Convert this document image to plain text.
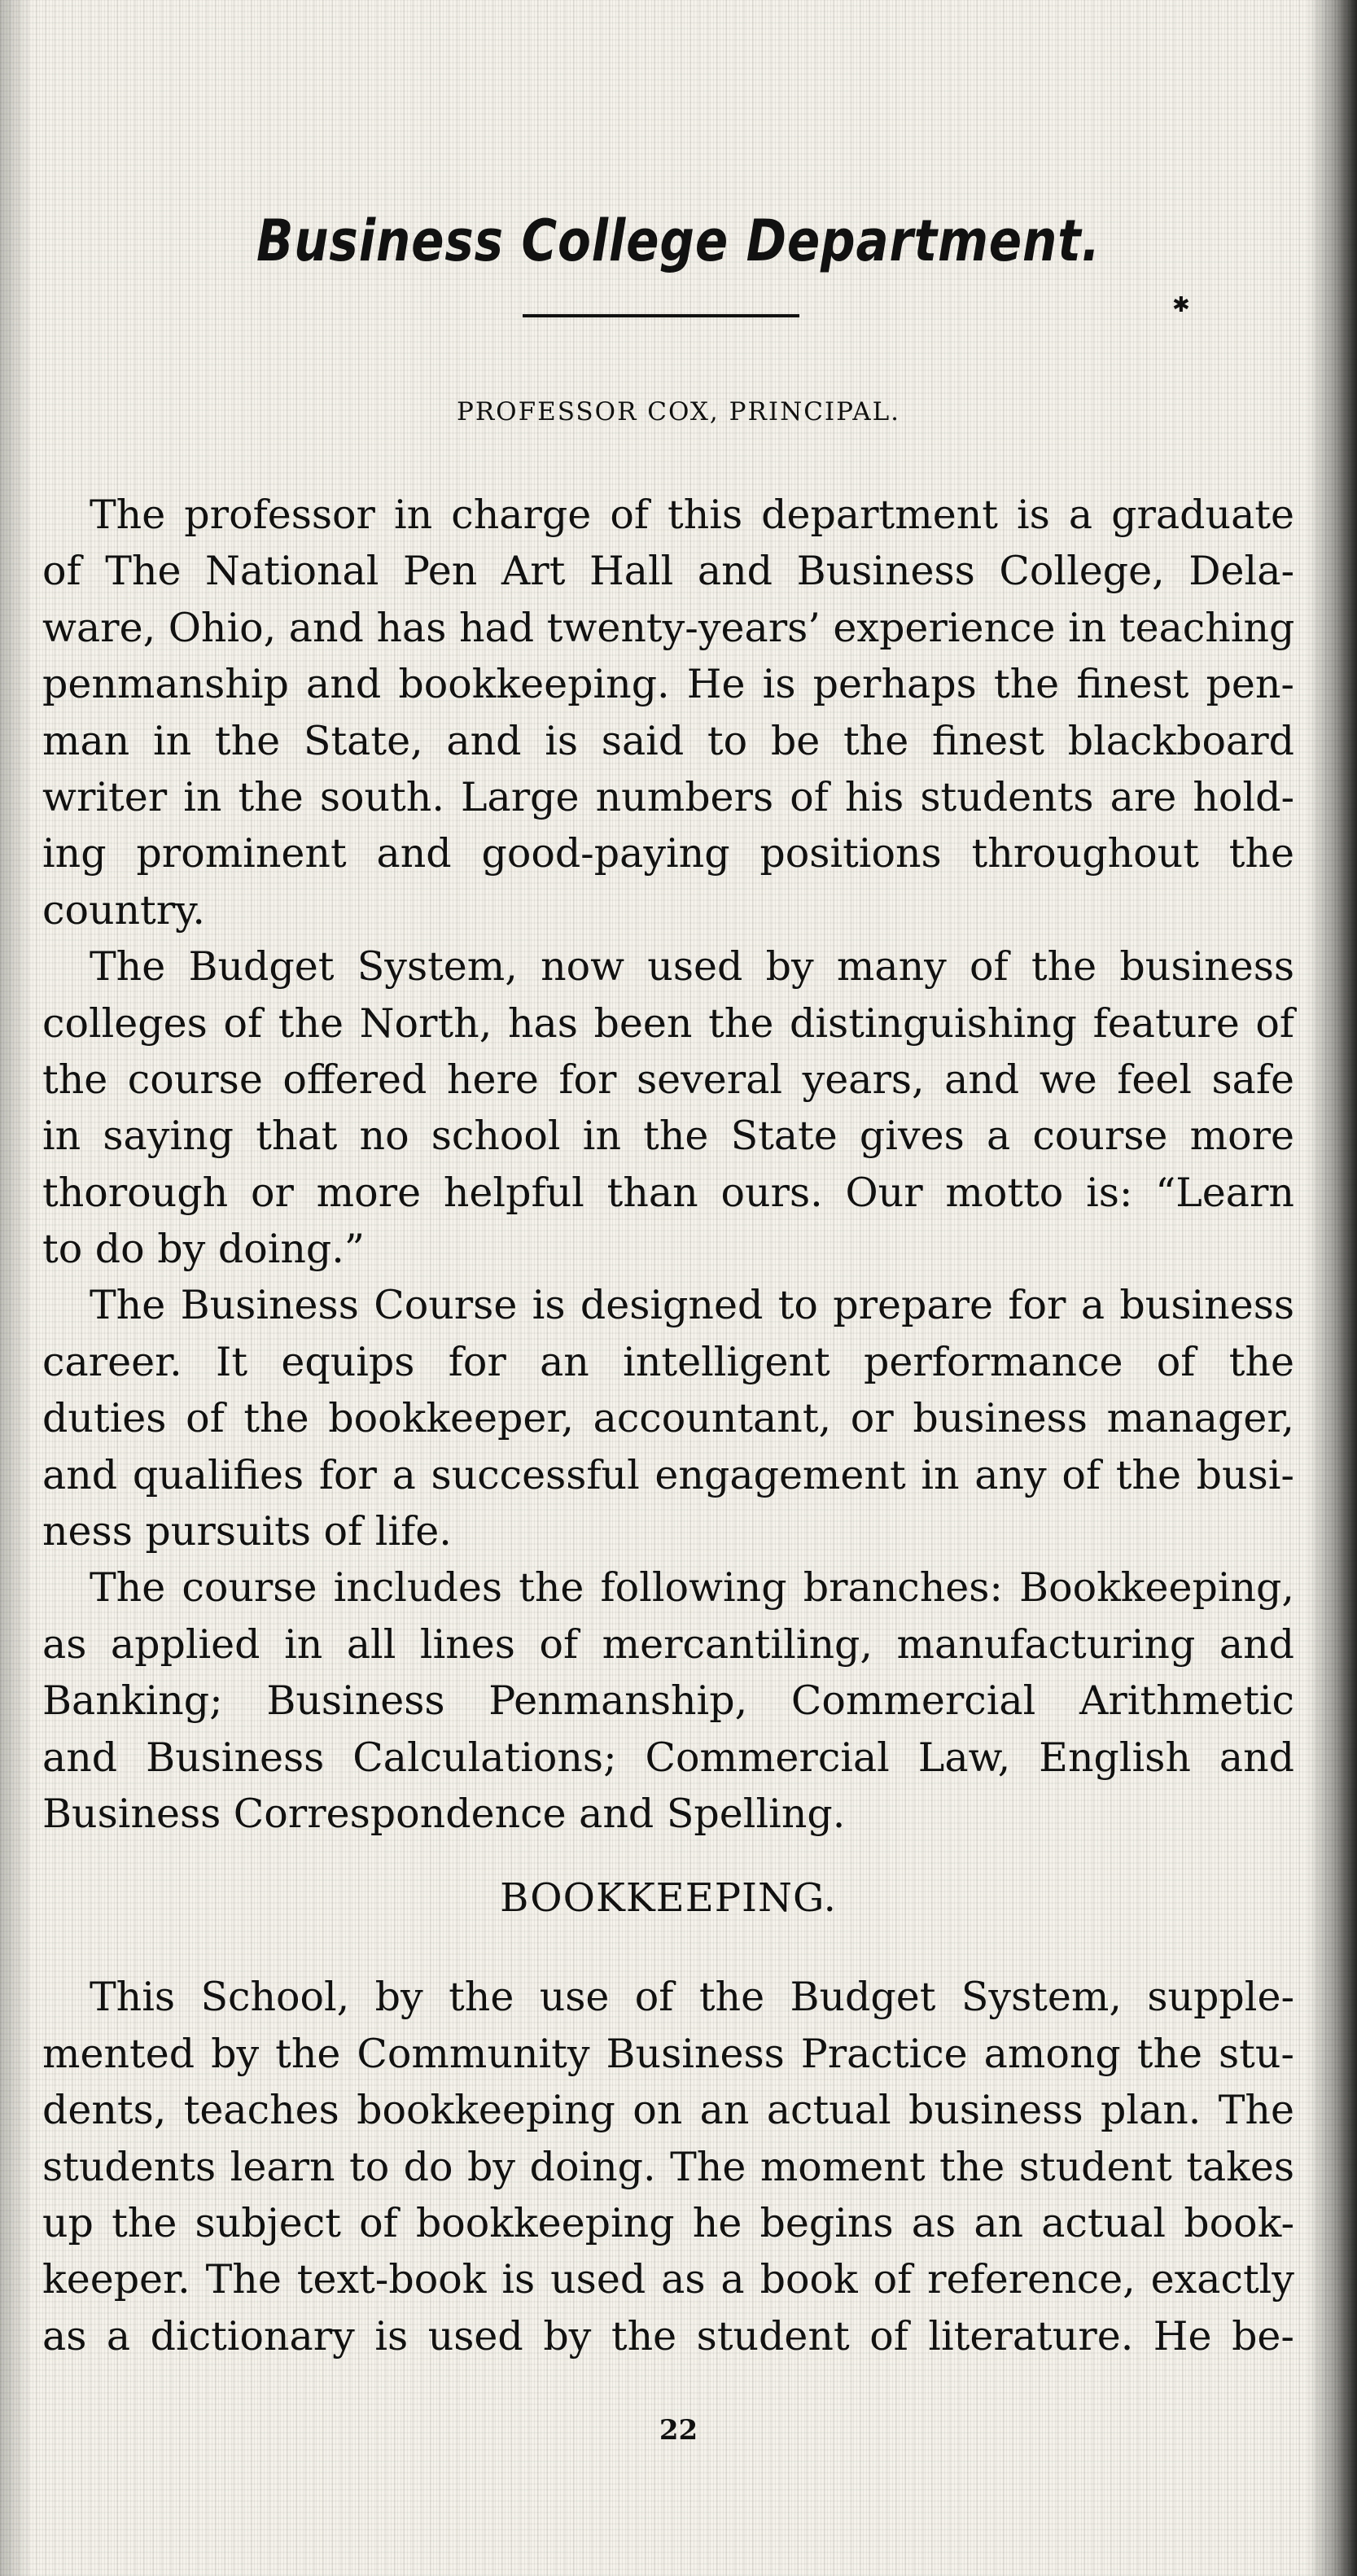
Business College Department.
✱
PROFESSOR COX, PRINCIPAL.
The professor in charge of this department is a graduate
of The National Pen Art Hall and Business College, Dela-
ware, Ohio, and has had twenty-years’ experience in teaching
penmanship and bookkeeping. He is perhaps the finest pen-
man in the State, and is said to be the finest blackboard
writer in the south. Large numbers of his students are hold-
ing prominent and good-paying positions throughout the
country.
The Budget System, now used by many of the business
colleges of the North, has been the distinguishing feature of
the course offered here for several years, and we feel safe
in saying that no school in the State gives a course more
thorough or more helpful than ours. Our motto is: “Learn
to do by doing.”
The Business Course is designed to prepare for a business
career. It equips for an intelligent performance of the
duties of the bookkeeper, accountant, or business manager,
and qualifies for a successful engagement in any of the busi-
ness pursuits of life.
The course includes the following branches: Bookkeeping,
as applied in all lines of mercantiling, manufacturing and
Banking; Business Penmanship, Commercial Arithmetic
and Business Calculations; Commercial Law, English and
Business Correspondence and Spelling.
BOOKKEEPING.
This School, by the use of the Budget System, supple-
mented by the Community Business Practice among the stu-
dents, teaches bookkeeping on an actual business plan. The
students learn to do by doing. The moment the student takes
up the subject of bookkeeping he begins as an actual book-
keeper. The text-book is used as a book of reference, exactly
as a dictionary is used by the student of literature. He be-
22
